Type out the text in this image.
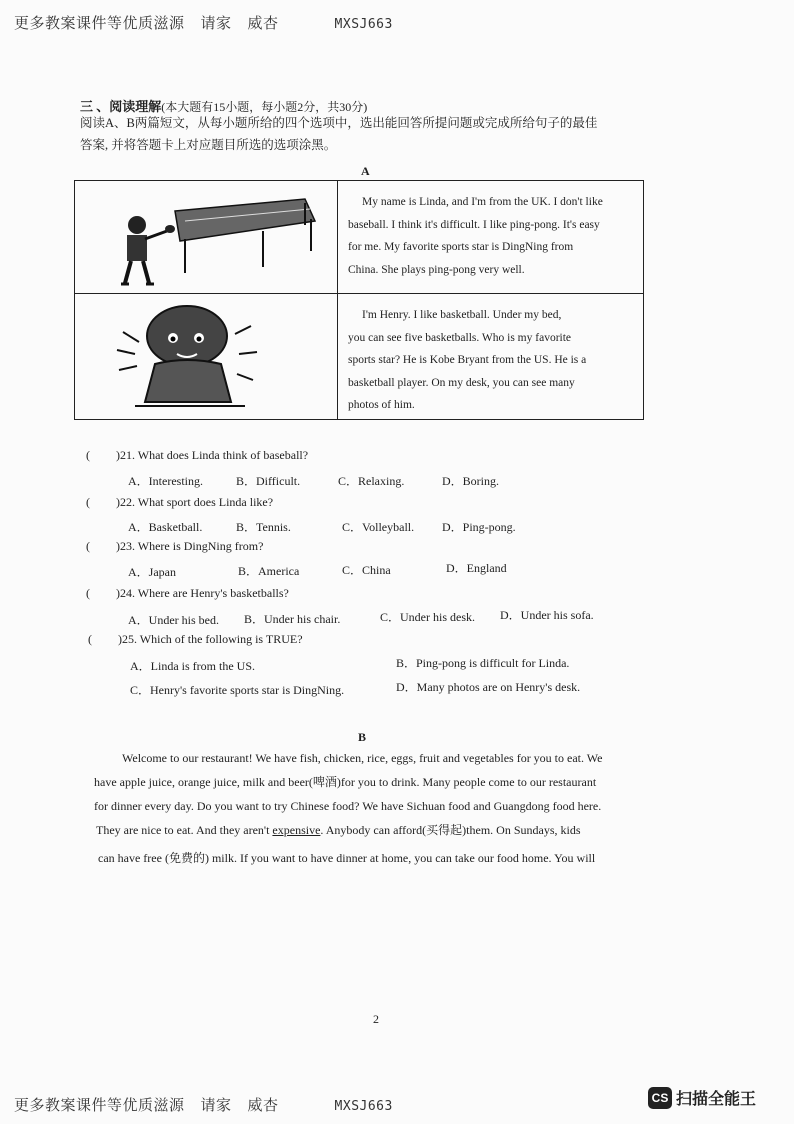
更多教案课件等优质滋源 请家 威杏	MXSJ663
三 、阅读理解(本大题有15小题，每小题2分，共30分)
阅读A、B两篇短文，从每小题所给的四个选项中，选出能回答所提问题或完成所给句子的最佳
答案, 并将答题卡上对应题目所选的选项涂黑。
A

My name is Linda, and I'm from the UK. I don't like
baseball. I think it's difficult. I like ping-pong. It's easy
for me. My favorite sports star is DingNing from
China. She plays ping-pong very well.

I'm Henry. I like basketball. Under my bed,
you can see five basketballs. Who is my favorite
sports star? He is Kobe Bryant from the US. He is a
basketball player. On my desk, you can see many
photos of him.
( )21. What does Linda think of baseball?
A．Interesting.	B．Difficult.	C．Relaxing.	D．Boring.
( )22. What sport does Linda like?
A．Basketball.	B．Tennis.	C．Volleyball. D．Ping-pong.
( )23. Where is DingNing from?
A．Japan	B．America	C．China	D．England
( )24. Where are Henry's basketballs?
A．Under his bed. B．Under his chair.	C．Under his desk. D．Under his sofa.
( )25. Which of the following is TRUE?
A．Linda is from the US.	B．Ping-pong is difficult for Linda.
C．Henry's favorite sports star is DingNing.	D．Many photos are on Henry's desk.
B
Welcome to our restaurant! We have fish, chicken, rice, eggs, fruit and vegetables for you to eat. We
have apple juice, orange juice, milk and beer(啤酒)for you to drink. Many people come to our restaurant
for dinner every day. Do you want to try Chinese food? We have Sichuan food and Guangdong food here.
They are nice to eat. And they aren't expensive. Anybody can afford(买得起)them. On Sundays, kids
can have free (免费的) milk. If you want to have dinner at home, you can take our food home. You will
2
更多教案课件等优质滋源 请家 威杏	MXSJ663
CS 扫描全能王
